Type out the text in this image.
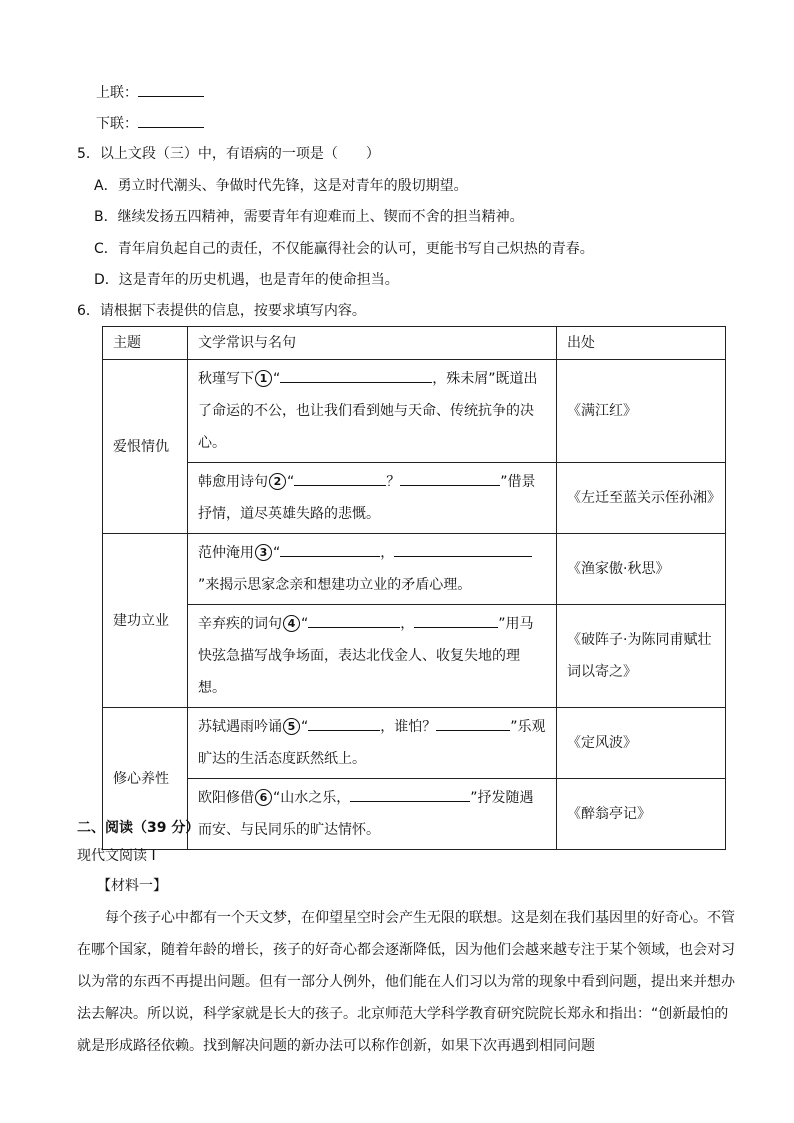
上联：
下联：
5．以上文段（三）中，有语病的一项是（　　）
A．勇立时代潮头、争做时代先锋，这是对青年的殷切期望。
B．继续发扬五四精神，需要青年有迎难而上、锲而不舍的担当精神。
C．青年肩负起自己的责任，不仅能赢得社会的认可，更能书写自己炽热的青春。
D．这是青年的历史机遇，也是青年的使命担当。
6．请根据下表提供的信息，按要求填写内容。
主题	文学常识与名句	出处
爱恨情仇	秋瑾写下 1 “ ，殊未屑”既道出了命运的不公，也让我们看到她与天命、传统抗争的决心。	《满江红》
	韩愈用诗句 2 “ ？ ”借景抒情，道尽英雄失路的悲慨。	《左迁至蓝关示侄孙湘》
建功立业	范仲淹用 3 “ ，”来揭示思家念亲和想建功立业的矛盾心理。	《渔家傲·秋思》
	辛弃疾的词句 4 “ ， ”用马快弦急描写战争场面，表达北伐金人、收复失地的理想。	《破阵子·为陈同甫赋壮词以寄之》
修心养性	苏轼遇雨吟诵 5 “ ，谁怕？ ”乐观旷达的生活态度跃然纸上。	《定风波》
	欧阳修借 6 “山水之乐， ”抒发随遇而安、与民同乐的旷达情怀。	《醉翁亭记》
二、阅读（39 分）
现代文阅读 I
【材料一】
每个孩子心中都有一个天文梦，在仰望星空时会产生无限的联想。这是刻在我们基因里的好奇心。不管在哪个国家，随着年龄的增长，孩子的好奇心都会逐渐降低，因为他们会越来越专注于某个领域，也会对习以为常的东西不再提出问题。但有一部分人例外，他们能在人们习以为常的现象中看到问题，提出来并想办法去解决。所以说，科学家就是长大的孩子。北京师范大学科学教育研究院院长郑永和指出：“创新最怕的就是形成路径依赖。找到解决问题的新办法可以称作创新，如果下次再遇到相同问题
